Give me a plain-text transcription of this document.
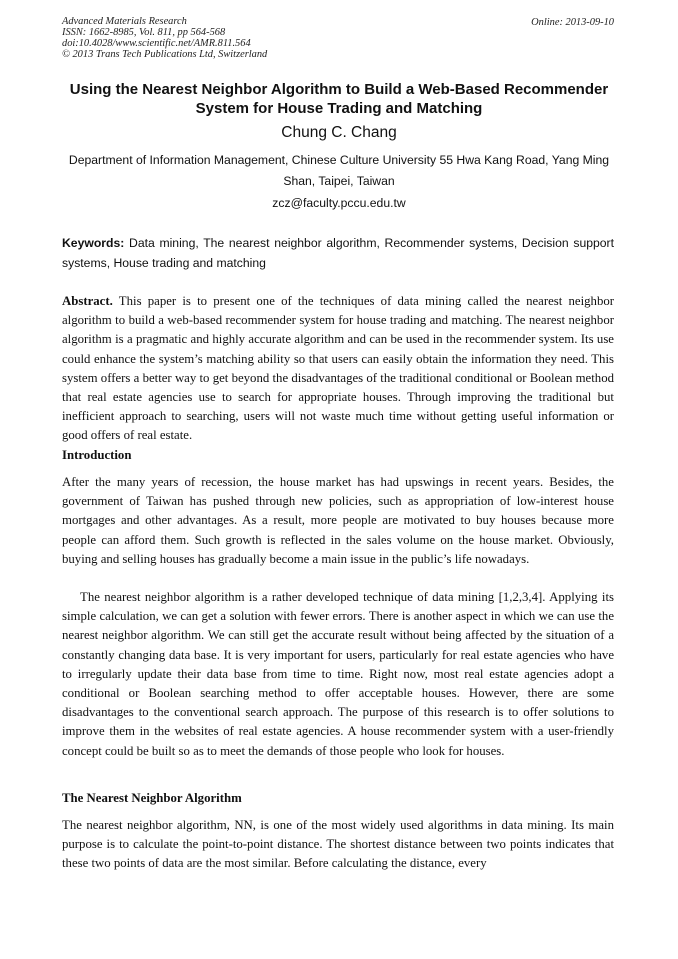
Advanced Materials Research
ISSN: 1662-8985, Vol. 811, pp 564-568
doi:10.4028/www.scientific.net/AMR.811.564
© 2013 Trans Tech Publications Ltd, Switzerland
Online: 2013-09-10
Using the Nearest Neighbor Algorithm to Build a Web-Based Recommender System for House Trading and Matching
Chung C. Chang
Department of Information Management, Chinese Culture University 55 Hwa Kang Road, Yang Ming Shan, Taipei, Taiwan
zcz@faculty.pccu.edu.tw

Keywords: Data mining, The nearest neighbor algorithm, Recommender systems, Decision support systems, House trading and matching

Abstract. This paper is to present one of the techniques of data mining called the nearest neighbor algorithm to build a web-based recommender system for house trading and matching. The nearest neighbor algorithm is a pragmatic and highly accurate algorithm and can be used in the recommender system. Its use could enhance the system’s matching ability so that users can easily obtain the information they need. This system offers a better way to get beyond the disadvantages of the traditional conditional or Boolean method that real estate agencies use to search for appropriate houses. Through improving the traditional but inefficient approach to searching, users will not waste much time without getting useful information or good offers of real estate.

Introduction

After the many years of recession, the house market has had upswings in recent years. Besides, the government of Taiwan has pushed through new policies, such as appropriation of low-interest house mortgages and other advantages. As a result, more people are motivated to buy houses because more people can afford them. Such growth is reflected in the sales volume on the house market. Obviously, buying and selling houses has gradually become a main issue in the public’s life nowadays.

The nearest neighbor algorithm is a rather developed technique of data mining [1,2,3,4]. Applying its simple calculation, we can get a solution with fewer errors. There is another aspect in which we can use the nearest neighbor algorithm. We can still get the accurate result without being affected by the situation of a constantly changing data base. It is very important for users, particularly for real estate agencies who have to irregularly update their data base from time to time. Right now, most real estate agencies adopt a conditional or Boolean searching method to offer acceptable houses. However, there are some disadvantages to the conventional search approach. The purpose of this research is to offer solutions to improve them in the websites of real estate agencies. A house recommender system with a user-friendly concept could be built so as to meet the demands of those people who look for houses.

The Nearest Neighbor Algorithm

The nearest neighbor algorithm, NN, is one of the most widely used algorithms in data mining. Its main purpose is to calculate the point-to-point distance. The shortest distance between two points indicates that these two points of data are the most similar. Before calculating the distance, every
